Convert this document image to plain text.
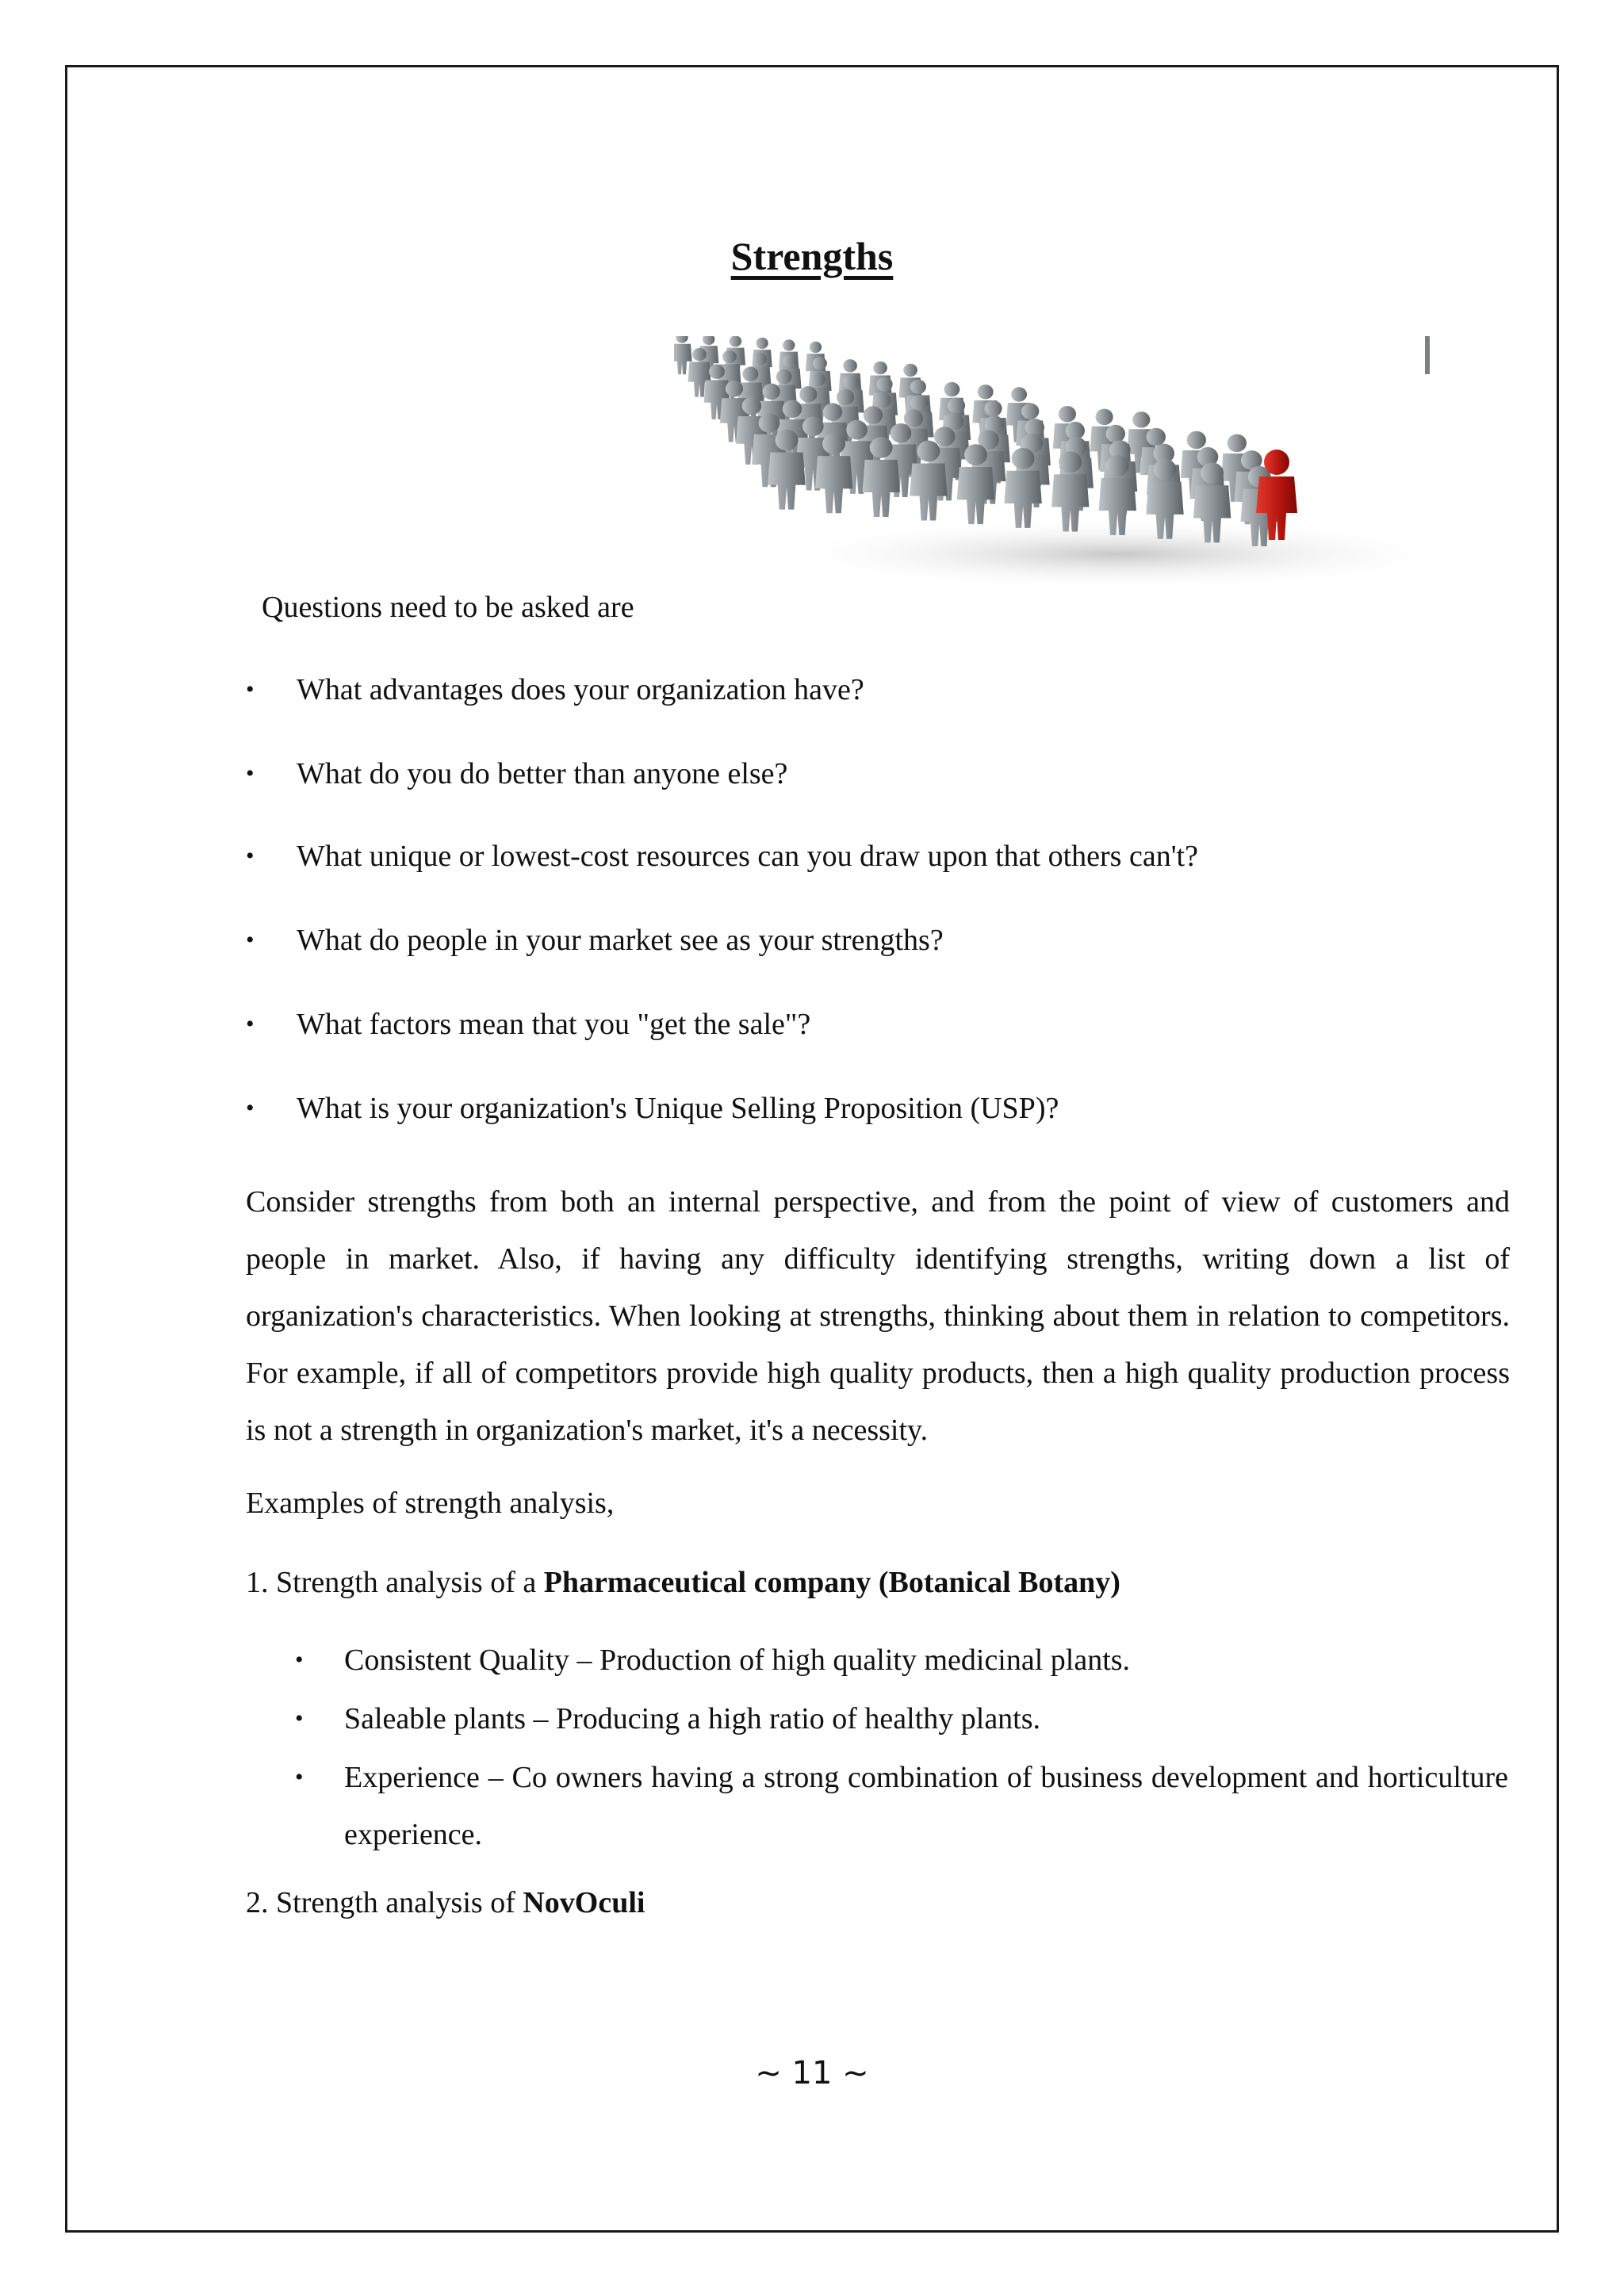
Strengths
Questions need to be asked are
• What advantages does your organization have?
• What do you do better than anyone else?
• What unique or lowest-cost resources can you draw upon that others can't?
• What do people in your market see as your strengths?
• What factors mean that you "get the sale"?
• What is your organization's Unique Selling Proposition (USP)?
Consider strengths from both an internal perspective, and from the point of view of customers and people in market. Also, if having any difficulty identifying strengths, writing down a list of organization's characteristics. When looking at strengths, thinking about them in relation to competitors. For example, if all of competitors provide high quality products, then a high quality production process is not a strength in organization's market, it's a necessity.
Examples of strength analysis,
1. Strength analysis of a Pharmaceutical company (Botanical Botany)
• Consistent Quality – Production of high quality medicinal plants.
• Saleable plants – Producing a high ratio of healthy plants.
• Experience – Co owners having a strong combination of business development and horticulture experience.
2. Strength analysis of NovOculi
~ 11 ~
